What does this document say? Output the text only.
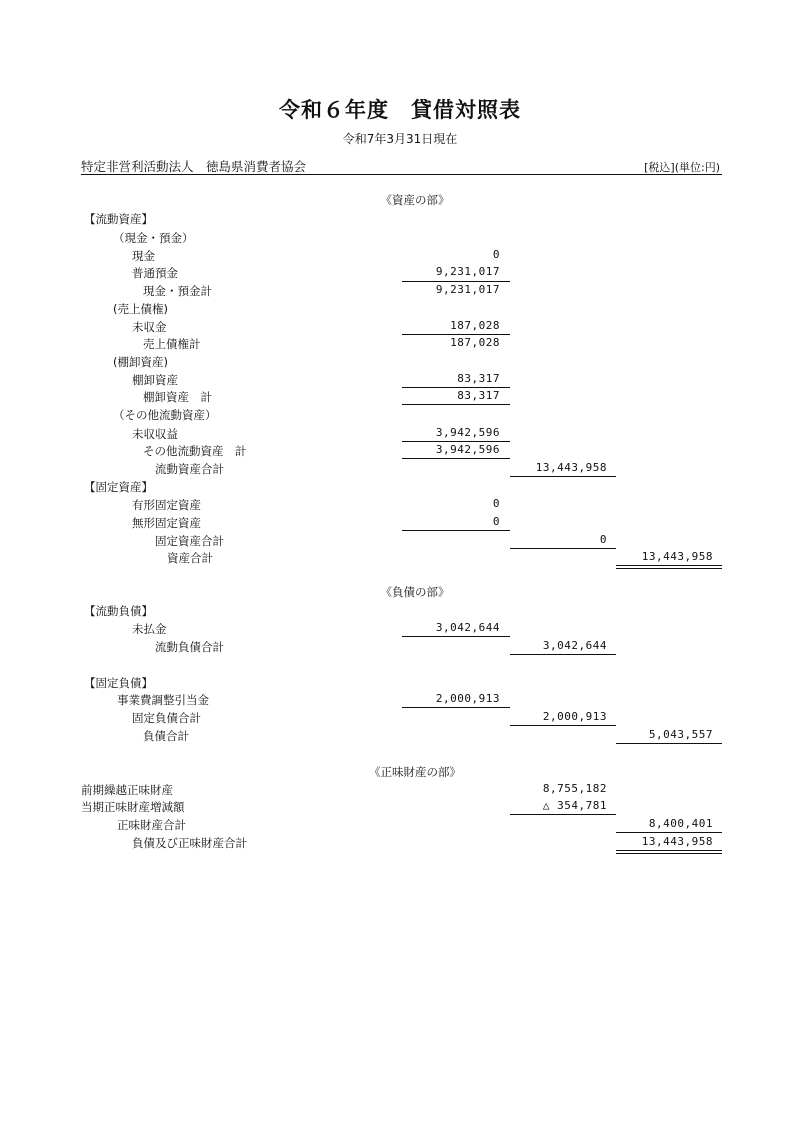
令和６年度　貸借対照表
令和7年3月31日現在
特定非営利活動法人　徳島県消費者協会	[税込](単位:円)
《資産の部》
【流動資産】
（現金・預金）
現金	0
普通預金	9,231,017
現金・預金計	9,231,017
(売上債権)
未収金	187,028
売上債権計	187,028
(棚卸資産)
棚卸資産	83,317
棚卸資産　計	83,317
（その他流動資産）
未収収益	3,942,596
その他流動資産　計	3,942,596
流動資産合計	13,443,958
【固定資産】
有形固定資産	0
無形固定資産	0
固定資産合計	0
資産合計	13,443,958
《負債の部》
【流動負債】
未払金	3,042,644
流動負債合計	3,042,644
【固定負債】
事業費調整引当金	2,000,913
固定負債合計	2,000,913
負債合計	5,043,557
《正味財産の部》
前期繰越正味財産	8,755,182
当期正味財産増減額	△ 354,781
正味財産合計	8,400,401
負債及び正味財産合計	13,443,958
